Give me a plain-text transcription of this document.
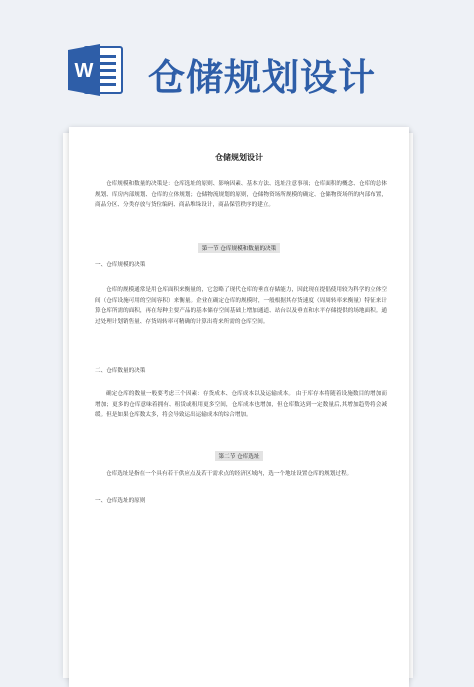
W 仓储规划设计
仓储规划设计

仓库规模和数量的决策是：仓库选址的原则、影响因素、基本方法、选址注意事项；仓库面积的概念、仓库的总体规划、库房内部规划、仓库的立体规划；仓储物流规划的原则，仓储物资场所规模的确定、仓储物资场所的内部布置，商品分区、分类存放与货位编码、商品堆垛设计，商品保管秩序的建立。

第一节 仓库规模和数量的决策
一、仓库规模的决策

仓库的规模通常是用仓库面积来衡量的，它忽略了现代仓库的垂直存储能力，因此现在提倡使用较为科学的立体空间（仓库设施可用的空间容积）来衡量。企业在确定仓库的规模时，一般根据其存货速度（周周转率来衡量）特征来计算仓库所需的面积，再在每种主要产品的基本储存空间基础上增加通道、站台以及垂直和水平存储提供的场地面积。通过处理计划销售量、存货周转率可精确的计算出将来所需的仓库空间。

二、仓库数量的决策

确定仓库的数量一般要考虑三个因素：存货成本、仓库成本以及运输成本。 由于库存本将随着设施数目的增加而增加；更多的仓库意味着拥有、租赁或租用更多空间，仓库成本也增加，但仓库数达到一定数量后,其增加趋势将会减缓。但是如果仓库数太多，将会导致运出运输成本的综合增加。

第二节 仓库选址

仓库选址是指在一个具有若干供应点及若干需求点的经济区域内，选一个地址设置仓库的规划过程。

一、仓库选址的原则
